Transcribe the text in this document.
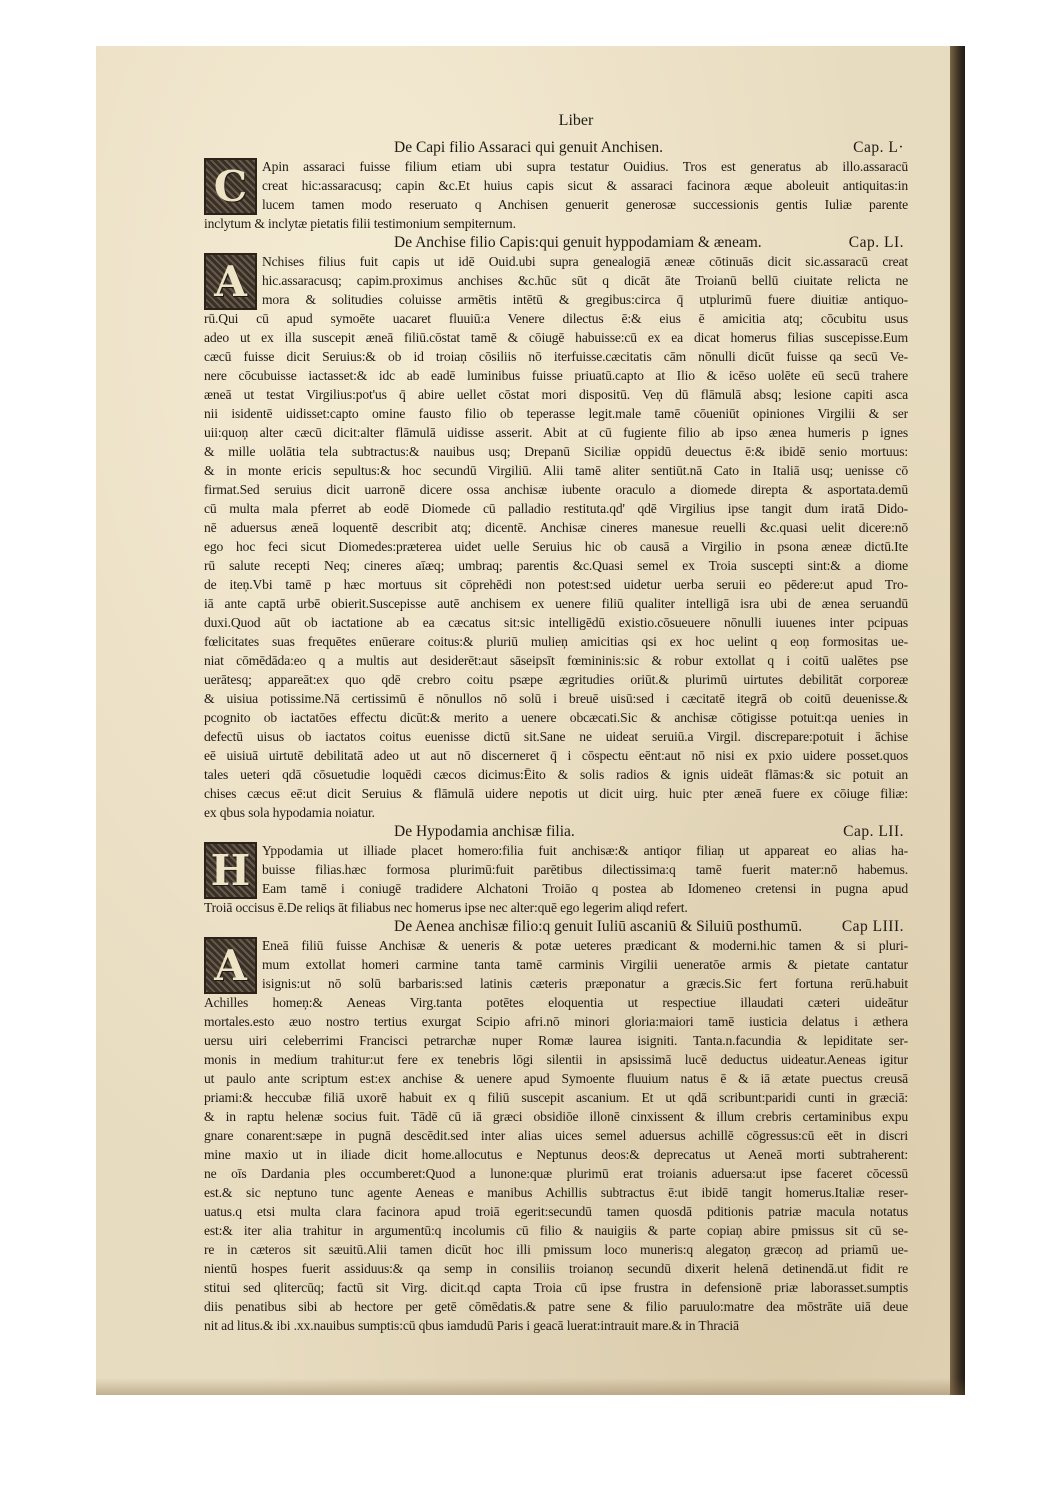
Liber
De Capi filio Assaraci qui genuit Anchisen.	Cap. L·
C	Apin assaraci fuisse filium etiam ubi supra testatur Ouidius. Tros est generatus ab illo.assaracū
creat hic:assaracusq; capin &c.Et huius capis sicut & assaraci facinora æque aboleuit antiquitas:in
lucem tamen modo reseruato q Anchisen genuerit generosæ successionis gentis Iuliæ parente
inclytum & inclytæ pietatis filii testimonium sempiternum.
De Anchise filio Capis:qui genuit hyppodamiam & æneam.	Cap. LI.
A	Nchises filius fuit capis ut idē Ouid.ubi supra genealogiā æneæ cōtinuās dicit sic.assaracū creat
hic.assaracusq; capim.proximus anchises &c.hūc sūt q dicāt āte Troianū bellū ciuitate relicta ne
mora & solitudies coluisse armētis intētū & gregibus:circa q̄ utplurimū fuere diuitiæ antiquo-
rū.Qui cū apud symoēte uacaret fluuiū:a Venere dilectus ē:& eius ē amicitia atq; cōcubitu usus
adeo ut ex illa suscepit æneā filiū.cōstat tamē & cōiugē habuisse:cū ex ea dicat homerus filias suscepisse.Eum
cæcū fuisse dicit Seruius:& ob id troiaņ cōsiliis nō iterfuisse.cæcitatis cām nōnulli dicūt fuisse qa secū Ve-
nere cōcubuisse iactasset:& idc ab eadē luminibus fuisse priuatū.capto at Ilio & icēso uolēte eū secū trahere
æneā ut testat Virgilius:pot'us q̄ abire uellet cōstat mori dispositū. Veņ dū flāmulā absq; lesione capiti asca
nii isidentē uidisset:capto omine fausto filio ob teperasse legit.male tamē cōueniūt opiniones Virgilii & ser
uii:quoņ alter cæcū dicit:alter flāmulā uidisse asserit. Abit at cū fugiente filio ab ipso ænea humeris p ignes
& mille uolātia tela subtractus:& nauibus usq; Drepanū Siciliæ oppidū deuectus ē:& ibidē senio mortuus:
& in monte ericis sepultus:& hoc secundū Virgiliū. Alii tamē aliter sentiūt.nā Cato in Italiā usq; uenisse cō
firmat.Sed seruius dicit uarronē dicere ossa anchisæ iubente oraculo a diomede direpta & asportata.demū
cū multa mala pferret ab eodē Diomede cū palladio restituta.qd' qdē Virgilius ipse tangit dum iratā Dido-
nē aduersus æneā loquentē describit atq; dicentē. Anchisæ cineres manesue reuelli &c.quasi uelit dicere:nō
ego hoc feci sicut Diomedes:præterea uidet uelle Seruius hic ob causā a Virgilio in psona æneæ dictū.Ite
rū salute recepti Neq; cineres aīæq; umbraq; parentis &c.Quasi semel ex Troia suscepti sint:& a diome
de iteņ.Vbi tamē p hæc mortuus sit cōprehēdi non potest:sed uidetur uerba seruii eo pēdere:ut apud Tro-
iā ante captā urbē obierit.Suscepisse autē anchisem ex uenere filiū qualiter intelligā isra ubi de ænea seruandū
duxi.Quod aūt ob iactatione ab ea cæcatus sit:sic intelligēdū existio.cōsueuere nōnulli iuuenes inter pcipuas
fœlicitates suas frequētes enūerare coitus:& pluriū mulieņ amicitias qsi ex hoc uelint q eoņ formositas ue-
niat cōmēdāda:eo q a multis aut desiderēt:aut sāseipsīt fœmininis:sic & robur extollat q i coitū ualētes pse
uerātesq; appareāt:ex quo qdē crebro coitu psæpe ægritudies oriūt.& plurimū uirtutes debilitāt corporeæ
& uisiua potissime.Nā certissimū ē nōnullos nō solū i breuē uisū:sed i cæcitatē itegrā ob coitū deuenisse.&
pcognito ob iactatōes effectu dicūt:& merito a uenere obcæcati.Sic & anchisæ cōtigisse potuit:qa uenies in
defectū uisus ob iactatos coitus euenisse dictū sit.Sane ne uideat seruiū.a Virgil. discrepare:potuit i āchise
eē uisiuā uirtutē debilitatā adeo ut aut nō discerneret q̄ i cōspectu eēnt:aut nō nisi ex pxio uidere posset.quos
tales ueteri qdā cōsuetudie loquēdi cæcos dicimus:Ēito & solis radios & ignis uideāt flāmas:& sic potuit an
chises cæcus eē:ut dicit Seruius & flāmulā uidere nepotis ut dicit uirg. huic pter æneā fuere ex cōiuge filiæ:
ex qbus sola hypodamia noiatur.
De Hypodamia anchisæ filia.	Cap. LII.
H Yppodamia ut illiade placet homero:filia fuit anchisæ:& antiqor filiaņ ut appareat eo alias ha-
buisse filias.hæc formosa plurimū:fuit parētibus dilectissima:q tamē fuerit mater:nō habemus.
Eam tamē i coniugē tradidere Alchatoni Troiāo q postea ab Idomeneo cretensi in pugna apud
Troiā occisus ē.De reliqs āt filiabus nec homerus ipse nec alter:quē ego legerim aliqd refert.
De Aenea anchisæ filio:q genuit Iuliū ascaniū & Siluiū posthumū.	Cap LIII.
A	Eneā filiū fuisse Anchisæ & ueneris & potæ ueteres prædicant & moderni.hic tamen & si pluri-
mum extollat homeri carmine tanta tamē carminis Virgilii ueneratōe armis & pietate cantatur
isignis:ut nō solū barbaris:sed latinis cæteris præponatur a græcis.Sic fert fortuna rerū.habuit
Achilles homeņ:& Aeneas Virg.tanta potētes eloquentia ut respectiue illaudati cæteri uideātur
mortales.esto æuo nostro tertius exurgat Scipio afri.nō minori gloria:maiori tamē iusticia delatus i æthera
uersu uiri celeberrimi Francisci petrarchæ nuper Romæ laurea isigniti. Tanta.n.facundia & lepiditate ser-
monis in medium trahitur:ut fere ex tenebris lōgi silentii in apsissimā lucē deductus uideatur.Aeneas igitur
ut paulo ante scriptum est:ex anchise & uenere apud Symoente fluuium natus ē & iā ætate puectus creusā
priami:& heccubæ filiā uxorē habuit ex q filiū suscepit ascanium. Et ut qdā scribunt:paridi cunti in græciā:
& in raptu helenæ socius fuit. Tādē cū iā græci obsidiōe illonē cinxissent & illum crebris certaminibus expu
gnare conarent:sæpe in pugnā descēdit.sed inter alias uices semel aduersus achillē cōgressus:cū eēt in discri
mine maxio ut in iliade dicit home.allocutus e Neptunus deos:& deprecatus ut Aeneā morti subtraherent:
ne oīs Dardania ples occumberet:Quod a lunone:quæ plurimū erat troianis aduersa:ut ipse faceret cōcessū
est.& sic neptuno tunc agente Aeneas e manibus Achillis subtractus ē:ut ibidē tangit homerus.Italiæ reser-
uatus.q etsi multa clara facinora apud troiā egerit:secundū tamen quosdā pditionis patriæ macula notatus
est:& iter alia trahitur in argumentū:q incolumis cū filio & nauigiis & parte copiaņ abire pmissus sit cū se-
re in cæteros sit sæuitū.Alii tamen dicūt hoc illi pmissum loco muneris:q alegatoņ græcoņ ad priamū ue-
nientū hospes fuerit assiduus:& qa semp in consiliis troianoņ secundū dixerit helenā detinendā.ut fidit re
stitui sed qlitercūq; factū sit Virg. dicit.qd capta Troia cū ipse frustra in defensionē priæ laborasset.sumptis
diis penatibus sibi ab hectore per getē cōmēdatis.& patre sene & filio paruulo:matre dea mōstrāte uiā deue
nit ad litus.& ibi .xx.nauibus sumptis:cū qbus iamdudū Paris i geacā luerat:intrauit mare.& in Thraciā
